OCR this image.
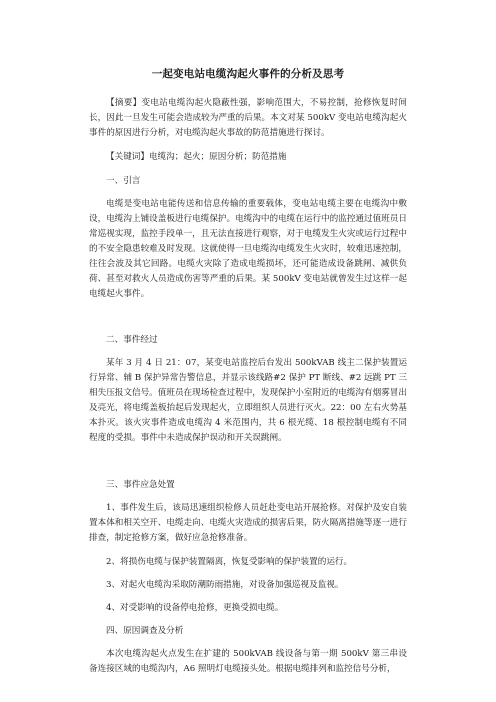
一起变电站电缆沟起火事件的分析及思考

【摘要】变电站电缆沟起火隐蔽性强，影响范围大，不易控制，抢修恢复时间长，因此一旦发生可能会造成较为严重的后果。本文对某 500kV 变电站电缆沟起火事件的原因进行分析，对电缆沟起火事故的防范措施进行探讨。

【关键词】电缆沟；起火；原因分析；防范措施

一、引言

电缆是变电站电能传送和信息传输的重要载体，变电站电缆主要在电缆沟中敷设，电缆沟上铺设盖板进行电缆保护。电缆沟中的电缆在运行中的监控通过值班员日常巡视实现，监控手段单一，且无法直接进行观察，对于电缆发生火灾或运行过程中的不安全隐患较难及时发现。这就使得一旦电缆沟电缆发生火灾时，较难迅速控制，往往会波及其它回路。电缆火灾除了造成电缆损坏，还可能造成设备跳闸、减供负荷、甚至对救火人员造成伤害等严重的后果。某 500kV 变电站就曾发生过这样一起电缆起火事件。

二、事件经过

某年 3 月 4 日 21：07，某变电站监控后台发出 500kVAB 线主二保护装置运行异常、辅 B 保护异常告警信息，并显示该线路#2 保护 PT 断线、#2 远跳 PT 三相失压报文信号。值班员在现场检查过程中，发现保护小室附近的电缆沟有烟雾冒出及亮光，将电缆盖板抬起后发现起火，立即组织人员进行灭火。22：00 左右火势基本扑灭。该火灾事件造成电缆沟 4 米范围内，共 6 根光缆、18 根控制电缆有不同程度的受损。事件中未造成保护误动和开关误跳闸。

三、事件应急处置

1、事件发生后，该局迅速组织检修人员赶赴变电站开展抢修。对保护及安自装置本体和相关空开、电缆走向、电缆火灾造成的损害后果，防火隔离措施等逐一进行排查，制定抢修方案，做好应急抢修准备。

2、将损伤电缆与保护装置隔离，恢复受影响的保护装置的运行。

3、对起火电缆沟采取防潮防雨措施，对设备加强巡视及监视。

4、对受影响的设备停电抢修，更换受损电缆。

四、原因调查及分析

本次电缆沟起火点发生在扩建的 500kVAB 线设备与第一期 500kV 第三串设备连接区域的电缆沟内，A6 照明灯电缆接头处。根据电缆排列和监控信号分析，
